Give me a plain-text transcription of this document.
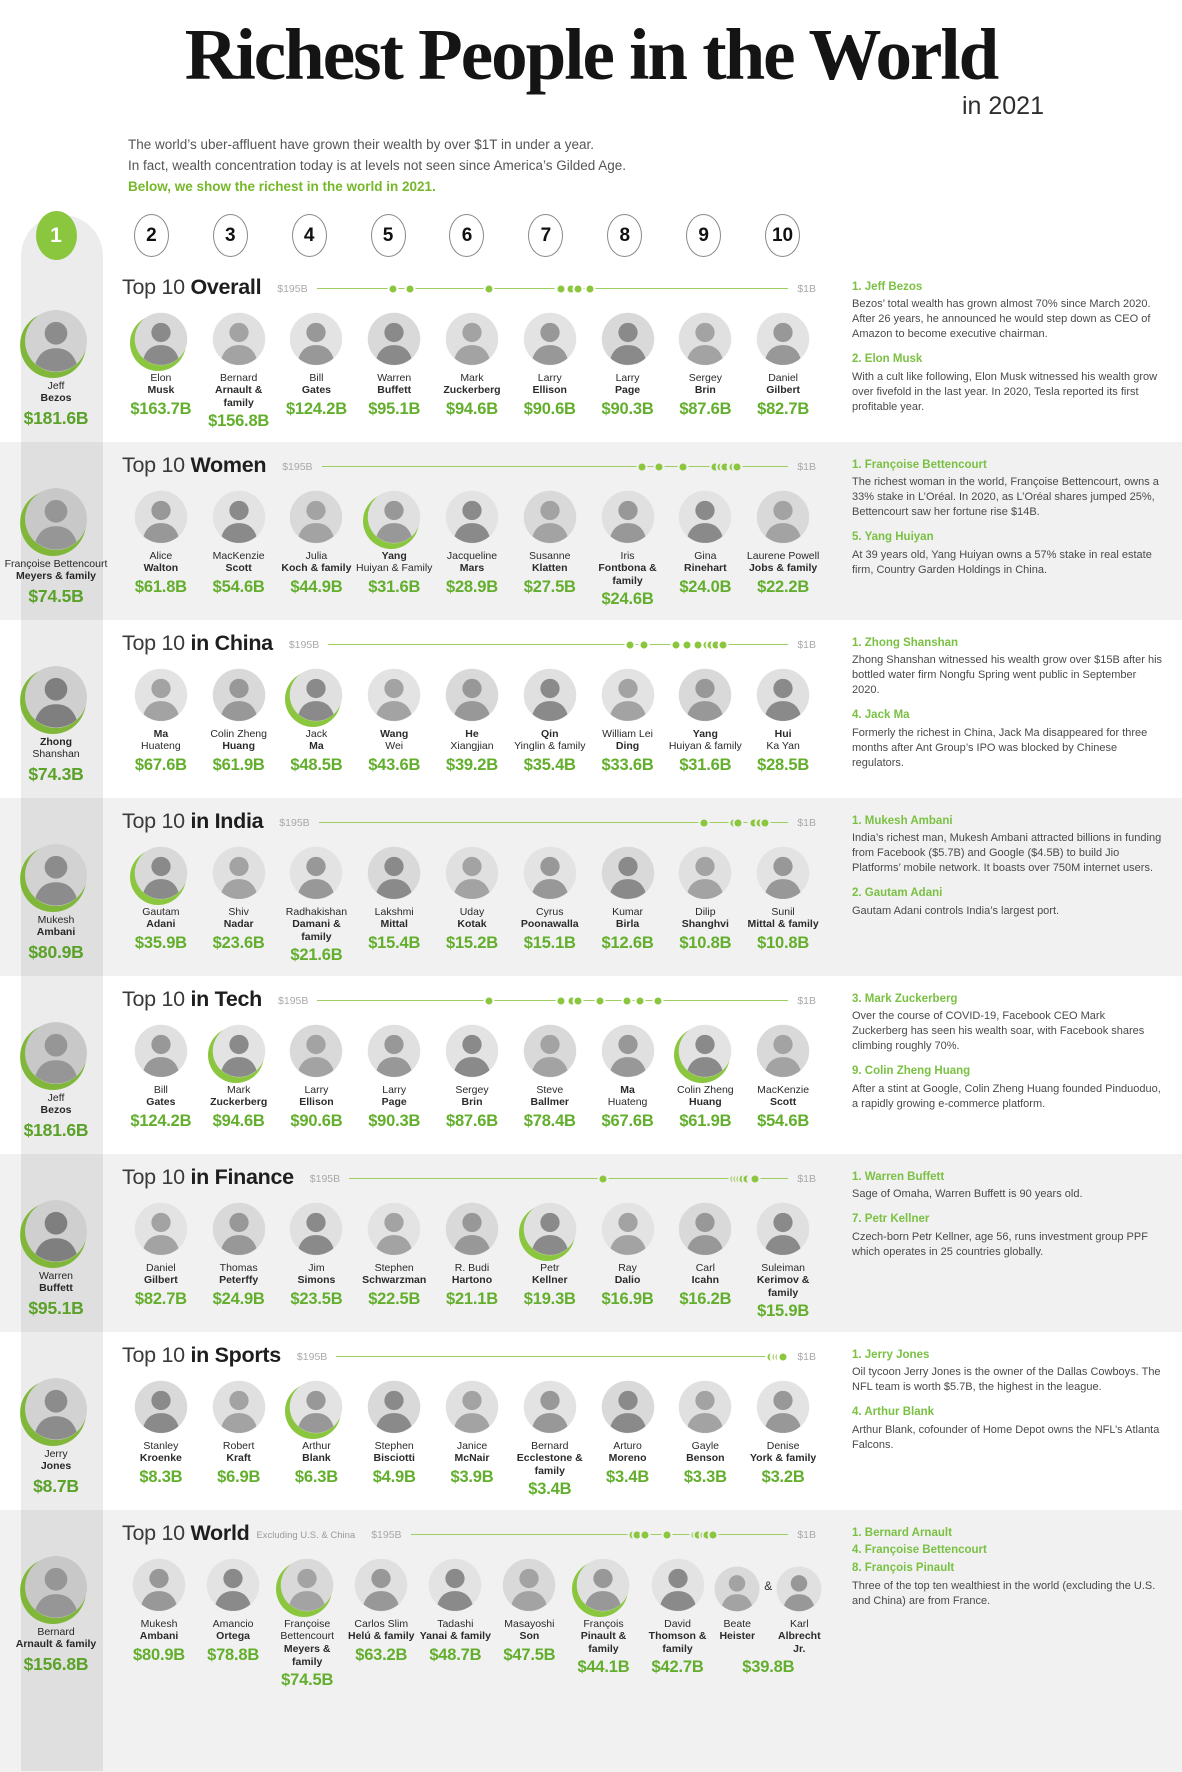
Richest People in the World
in 2021
The world’s uber-affluent have grown their wealth by over $1T in under a year.
In fact, wealth concentration today is at levels not seen since America’s Gilded Age.
Below, we show the richest in the world in 2021.
1	2	3	4	5	6	7	8	9	10
Jeff
Bezos
$181.6B
Top 10 Overall $195B	$1B
Elon
Musk
$163.7B
Bernard
Arnault & family
$156.8B
Bill
Gates
$124.2B
Warren
Buffett
$95.1B
Mark
Zuckerberg
$94.6B
Larry
Ellison
$90.6B
Larry
Page
$90.3B
Sergey
Brin
$87.6B
Daniel
Gilbert
$82.7B
1. Jeff Bezos

Bezos’ total wealth has grown almost 70% since March 2020. After 26 years, he announced he would step down as CEO of Amazon to become executive chairman.

2. Elon Musk

With a cult like following, Elon Musk witnessed his wealth grow over fivefold in the last year. In 2020, Tesla reported its first profitable year.

Françoise Bettencourt
Meyers & family
$74.5B
Top 10 Women $195B	$1B
Alice
Walton
$61.8B
MacKenzie
Scott
$54.6B
Julia
Koch & family
$44.9B
Yang
Huiyan & Family
$31.6B
Jacqueline
Mars
$28.9B
Susanne
Klatten
$27.5B
Iris
Fontbona & family
$24.6B
Gina
Rinehart
$24.0B
Laurene Powell
Jobs & family
$22.2B
1. Françoise Bettencourt

The richest woman in the world, Françoise Bettencourt, owns a 33% stake in L’Oréal. In 2020, as L’Oréal shares jumped 25%, Bettencourt saw her fortune rise $14B.

5. Yang Huiyan

At 39 years old, Yang Huiyan owns a 57% stake in real estate firm, Country Garden Holdings in China.

Zhong
Shanshan
$74.3B
Top 10 in China $195B	$1B
Ma
Huateng
$67.6B
Colin Zheng
Huang
$61.9B
Jack
Ma
$48.5B
Wang
Wei
$43.6B
He
Xiangjian
$39.2B
Qin
Yinglin & family
$35.4B
William Lei
Ding
$33.6B
Yang
Huiyan & family
$31.6B
Hui
Ka Yan
$28.5B
1. Zhong Shanshan

Zhong Shanshan witnessed his wealth grow over $15B after his bottled water firm Nongfu Spring went public in September 2020.

4. Jack Ma

Formerly the richest in China, Jack Ma disappeared for three months after Ant Group’s IPO was blocked by Chinese regulators.

Mukesh
Ambani
$80.9B
Top 10 in India $195B	$1B
Gautam
Adani
$35.9B
Shiv
Nadar
$23.6B
Radhakishan
Damani & family
$21.6B
Lakshmi
Mittal
$15.4B
Uday
Kotak
$15.2B
Cyrus
Poonawalla
$15.1B
Kumar
Birla
$12.6B
Dilip
Shanghvi
$10.8B
Sunil
Mittal & family
$10.8B
1. Mukesh Ambani

India’s richest man, Mukesh Ambani attracted billions in funding from Facebook ($5.7B) and Google ($4.5B) to build Jio Platforms’ mobile network. It boasts over 750M internet users.

2. Gautam Adani

Gautam Adani controls India’s largest port.

Jeff
Bezos
$181.6B
Top 10 in Tech $195B	$1B
Bill
Gates
$124.2B
Mark
Zuckerberg
$94.6B
Larry
Ellison
$90.6B
Larry
Page
$90.3B
Sergey
Brin
$87.6B
Steve
Ballmer
$78.4B
Ma
Huateng
$67.6B
Colin Zheng
Huang
$61.9B
MacKenzie
Scott
$54.6B
3. Mark Zuckerberg

Over the course of COVID-19, Facebook CEO Mark Zuckerberg has seen his wealth soar, with Facebook shares climbing roughly 70%.

9. Colin Zheng Huang

After a stint at Google, Colin Zheng Huang founded Pinduoduo, a rapidly growing e-commerce platform.

Warren
Buffett
$95.1B
Top 10 in Finance $195B	$1B
Daniel
Gilbert
$82.7B
Thomas
Peterffy
$24.9B
Jim
Simons
$23.5B
Stephen
Schwarzman
$22.5B
R. Budi
Hartono
$21.1B
Petr
Kellner
$19.3B
Ray
Dalio
$16.9B
Carl
Icahn
$16.2B
Suleiman
Kerimov & family
$15.9B
1. Warren Buffett

Sage of Omaha, Warren Buffett is 90 years old.

7. Petr Kellner

Czech-born Petr Kellner, age 56, runs investment group PPF which operates in 25 countries globally.

Jerry
Jones
$8.7B
Top 10 in Sports $195B	$1B
Stanley
Kroenke
$8.3B
Robert
Kraft
$6.9B
Arthur
Blank
$6.3B
Stephen
Bisciotti
$4.9B
Janice
McNair
$3.9B
Bernard
Ecclestone & family
$3.4B
Arturo
Moreno
$3.4B
Gayle
Benson
$3.3B
Denise
York & family
$3.2B
1. Jerry Jones

Oil tycoon Jerry Jones is the owner of the Dallas Cowboys. The NFL team is worth $5.7B, the highest in the league.

4. Arthur Blank

Arthur Blank, cofounder of Home Depot owns the NFL’s Atlanta Falcons.

Bernard
Arnault & family
$156.8B
Top 10 World Excluding U.S. & China $195B	$1B
Mukesh
Ambani
$80.9B
Amancio
Ortega
$78.8B
Françoise Bettencourt
Meyers & family
$74.5B
Carlos Slim
Helú & family
$63.2B
Tadashi
Yanai & family
$48.7B
Masayoshi
Son
$47.5B
François
Pinault & family
$44.1B
David
Thomson & family
$42.7B
Beate
Heister
&
Karl
Albrecht Jr.
$39.8B
1. Bernard Arnault
4. Françoise Bettencourt
8. François Pinault

Three of the top ten wealthiest in the world (excluding the U.S. and China) are from France.
